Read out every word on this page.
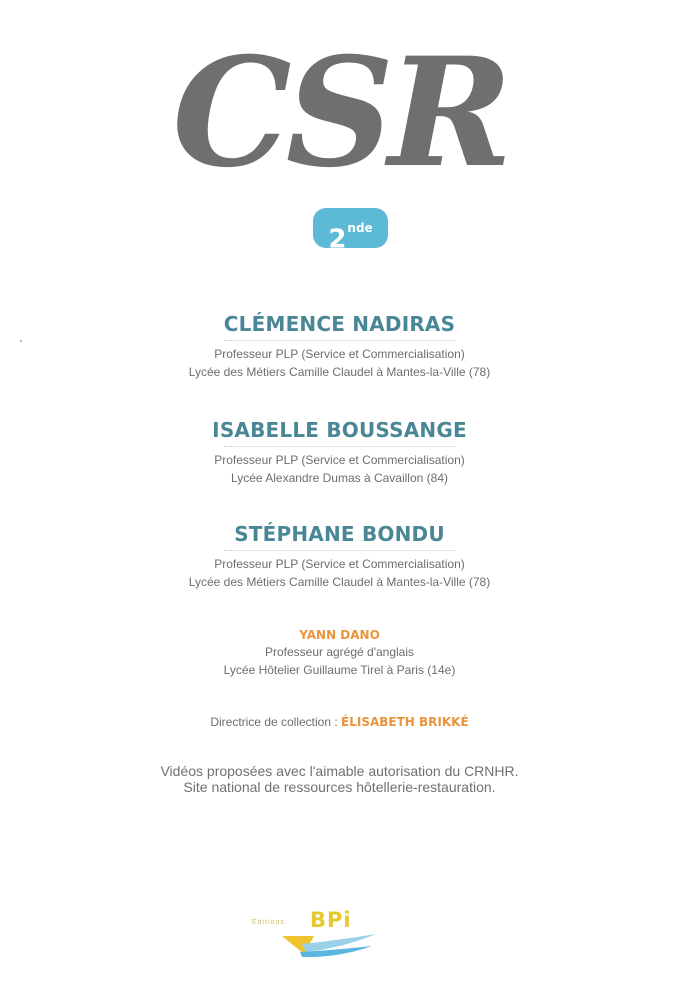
CSR
2nde
CLÉMENCE NADIRAS
Professeur PLP (Service et Commercialisation)
Lycée des Métiers Camille Claudel à Mantes-la-Ville (78)
ISABELLE BOUSSANGE
Professeur PLP (Service et Commercialisation)
Lycée Alexandre Dumas à Cavaillon (84)
STÉPHANE BONDU
Professeur PLP (Service et Commercialisation)
Lycée des Métiers Camille Claudel à Mantes-la-Ville (78)
YANN DANO
Professeur agrégé d'anglais
Lycée Hôtelier Guillaume Tirel à Paris (14e)
Directrice de collection : ÉLISABETH BRIKKÉ
Vidéos proposées avec l'aimable autorisation du CRNHR.
Site national de ressources hôtellerie-restauration.
Éditions BPi
